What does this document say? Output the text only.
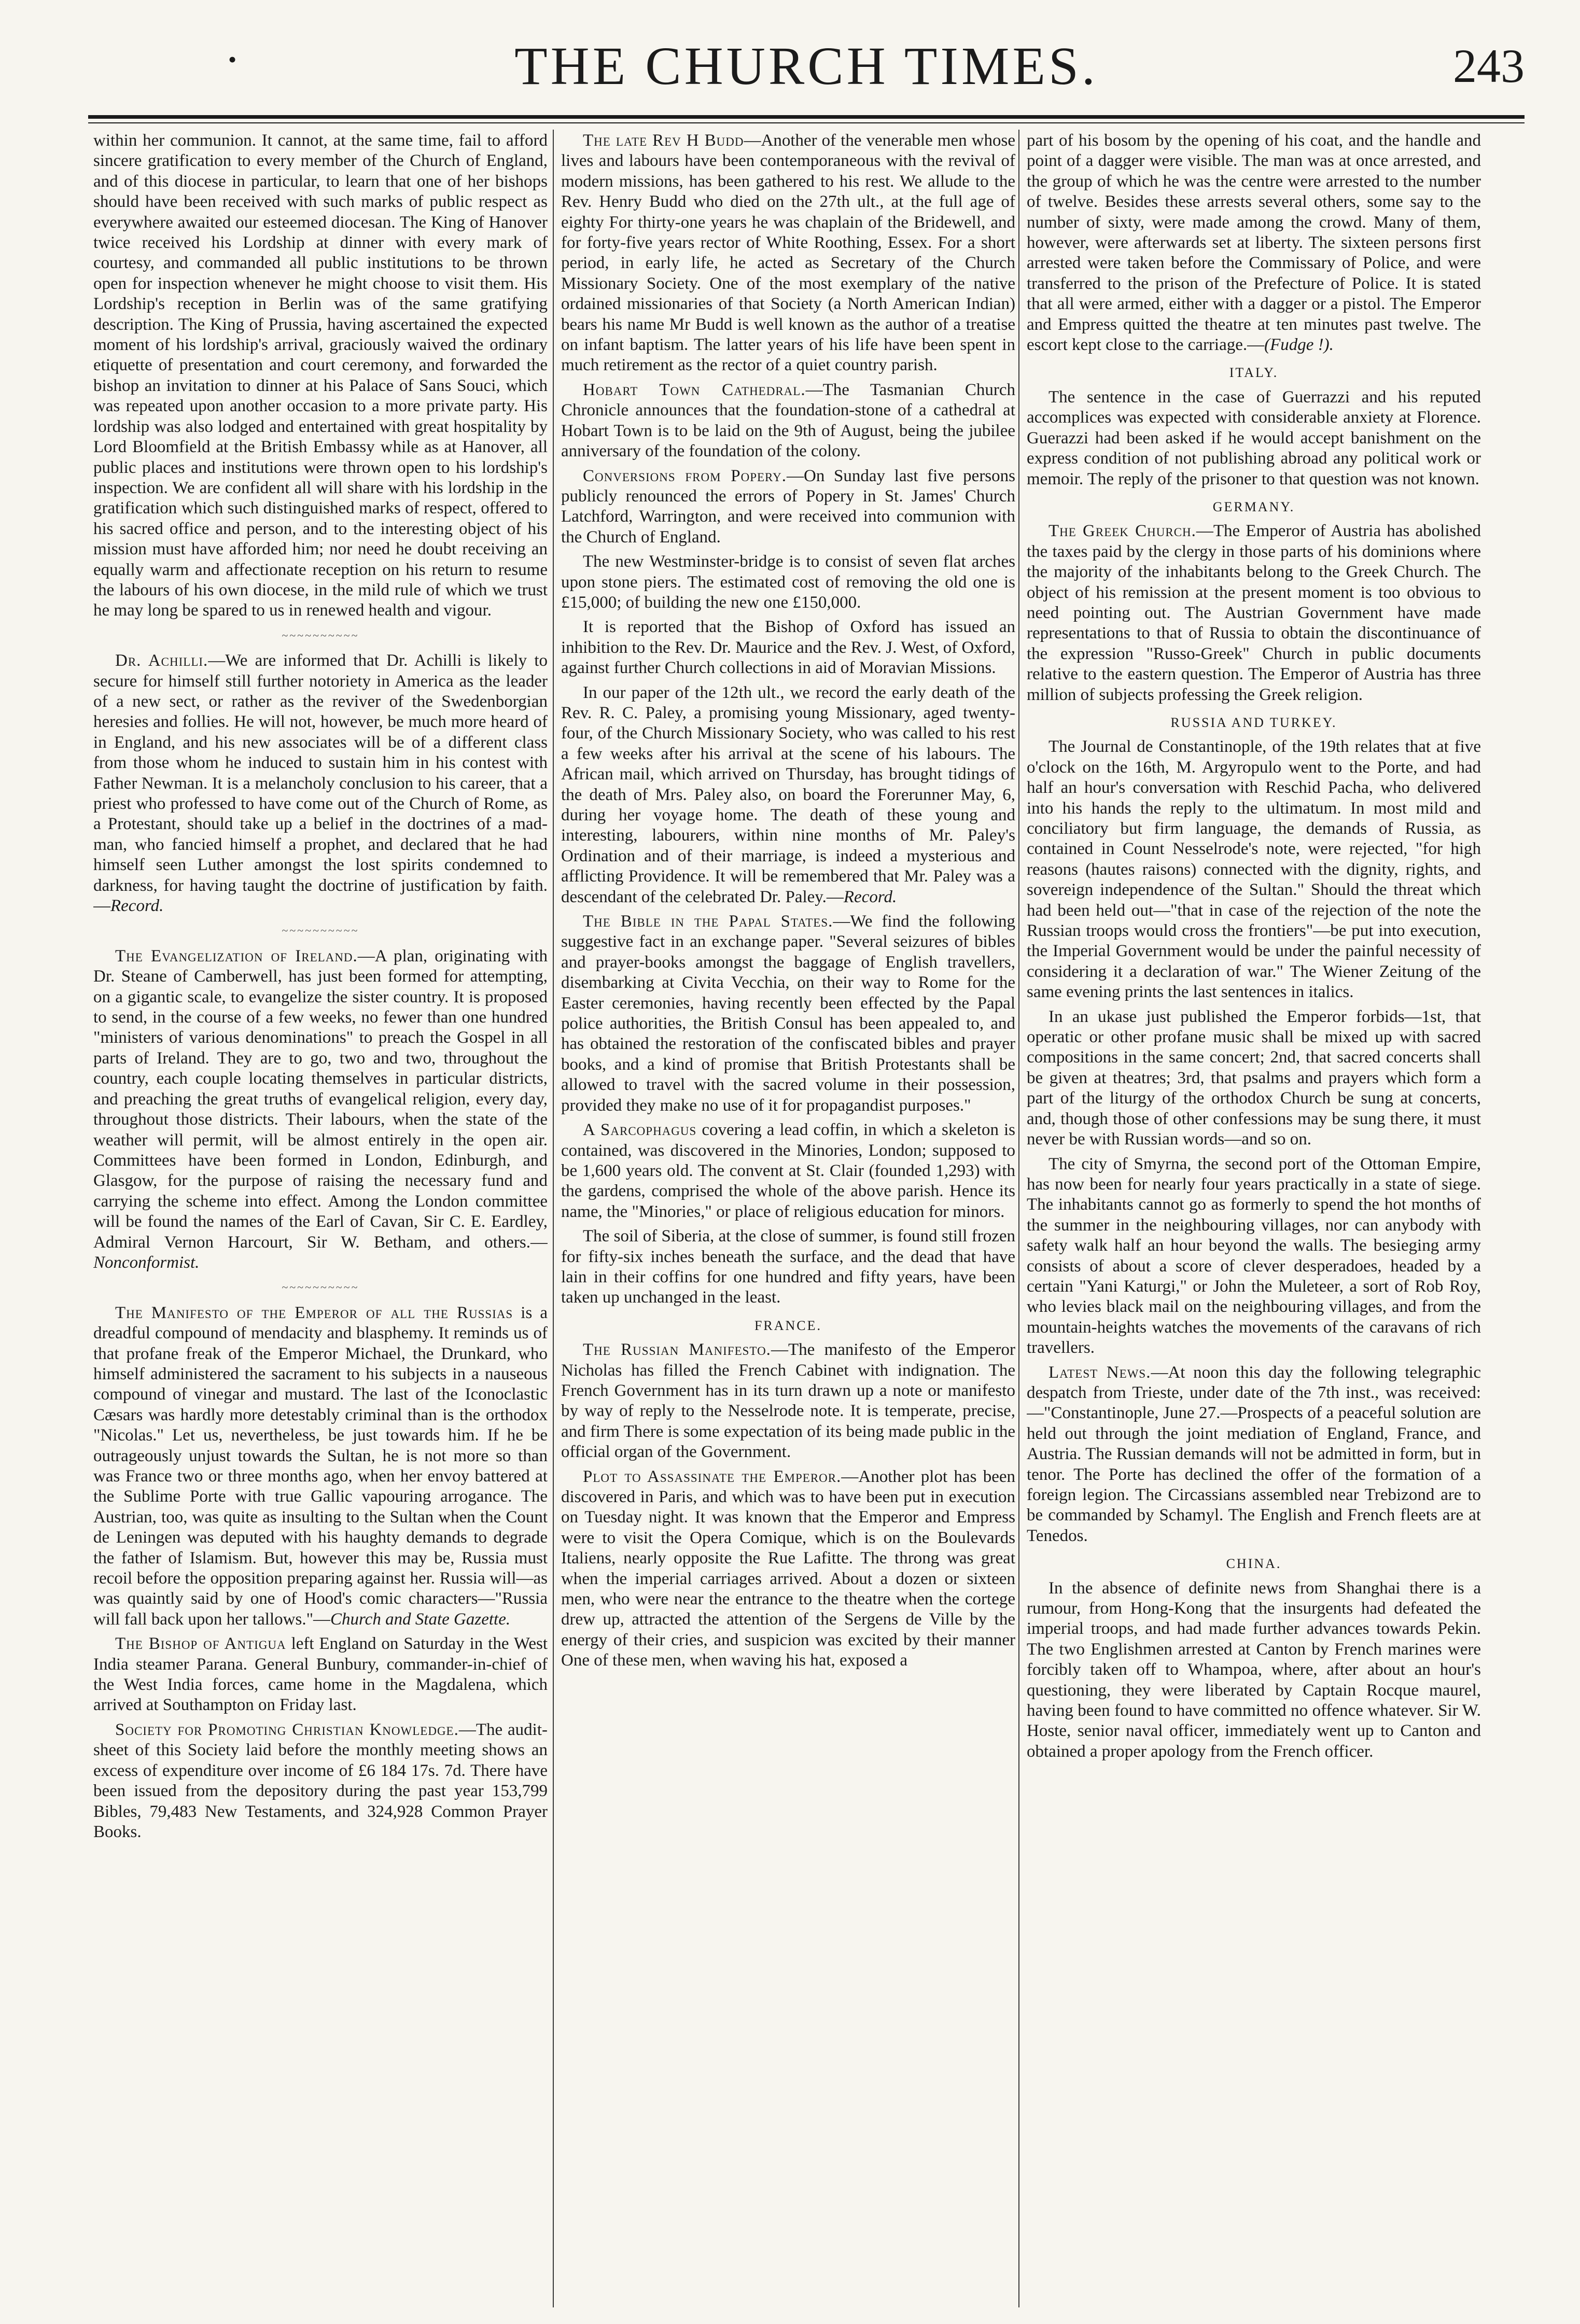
•	THE CHURCH TIMES.	243

within her communion. It cannot, at the same time, fail to afford sincere gratification to every member of the Church of England, and of this diocese in particular, to learn that one of her bishops should have been received with such marks of public respect as everywhere awaited our esteemed diocesan. The King of Hanover twice received his Lordship at dinner with every mark of courtesy, and commanded all public institutions to be thrown open for inspection whenever he might choose to visit them. His Lordship's reception in Berlin was of the same gratifying description. The King of Prussia, having ascertained the expected moment of his lordship's arrival, graciously waived the ordinary etiquette of presentation and court ceremony, and forwarded the bishop an invitation to dinner at his Palace of Sans Souci, which was repeated upon another occasion to a more private party. His lordship was also lodged and entertained with great hospitality by Lord Bloomfield at the British Embassy while as at Hanover, all public places and institutions were thrown open to his lordship's inspection. We are confident all will share with his lordship in the gratification which such distinguished marks of respect, offered to his sacred office and person, and to the interesting object of his mission must have afforded him; nor need he doubt receiving an equally warm and affectionate reception on his return to resume the labours of his own diocese, in the mild rule of which we trust he may long be spared to us in renewed health and vigour.

~~~~~~~~~~

Dr. Achilli.—We are informed that Dr. Achilli is likely to secure for himself still further notoriety in America as the leader of a new sect, or rather as the reviver of the Swedenborgian heresies and follies. He will not, however, be much more heard of in England, and his new associates will be of a different class from those whom he induced to sustain him in his contest with Father Newman. It is a melancholy conclusion to his career, that a priest who professed to have come out of the Church of Rome, as a Protestant, should take up a belief in the doctrines of a mad-man, who fancied himself a prophet, and declared that he had himself seen Luther amongst the lost spirits condemned to darkness, for having taught the doctrine of justification by faith.—Record.

~~~~~~~~~~

The Evangelization of Ireland.—A plan, originating with Dr. Steane of Camberwell, has just been formed for attempting, on a gigantic scale, to evangelize the sister country. It is proposed to send, in the course of a few weeks, no fewer than one hundred "ministers of various denominations" to preach the Gospel in all parts of Ireland. They are to go, two and two, throughout the country, each couple locating themselves in particular districts, and preaching the great truths of evangelical religion, every day, throughout those districts. Their labours, when the state of the weather will permit, will be almost entirely in the open air. Committees have been formed in London, Edinburgh, and Glasgow, for the purpose of raising the necessary fund and carrying the scheme into effect. Among the London committee will be found the names of the Earl of Cavan, Sir C. E. Eardley, Admiral Vernon Harcourt, Sir W. Betham, and others.—Nonconformist.

~~~~~~~~~~

The Manifesto of the Emperor of all the Russias is a dreadful compound of mendacity and blasphemy. It reminds us of that profane freak of the Emperor Michael, the Drunkard, who himself administered the sacrament to his subjects in a nauseous compound of vinegar and mustard. The last of the Iconoclastic Cæsars was hardly more detestably criminal than is the orthodox "Nicolas." Let us, nevertheless, be just towards him. If he be outrageously unjust towards the Sultan, he is not more so than was France two or three months ago, when her envoy battered at the Sublime Porte with true Gallic vapouring arrogance. The Austrian, too, was quite as insulting to the Sultan when the Count de Leningen was deputed with his haughty demands to degrade the father of Islamism. But, however this may be, Russia must recoil before the opposition preparing against her. Russia will—as was quaintly said by one of Hood's comic characters—"Russia will fall back upon her tallows."—Church and State Gazette.

The Bishop of Antigua left England on Saturday in the West India steamer Parana. General Bunbury, commander-in-chief of the West India forces, came home in the Magdalena, which arrived at Southampton on Friday last.

Society for Promoting Christian Knowledge.—The audit-sheet of this Society laid before the monthly meeting shows an excess of expenditure over income of £6 184 17s. 7d. There have been issued from the depository during the past year 153,799 Bibles, 79,483 New Testaments, and 324,928 Common Prayer Books.

The late Rev H Budd—Another of the venerable men whose lives and labours have been contemporaneous with the revival of modern missions, has been gathered to his rest. We allude to the Rev. Henry Budd who died on the 27th ult., at the full age of eighty For thirty-one years he was chaplain of the Bridewell, and for forty-five years rector of White Roothing, Essex. For a short period, in early life, he acted as Secretary of the Church Missionary Society. One of the most exemplary of the native ordained missionaries of that Society (a North American Indian) bears his name Mr Budd is well known as the author of a treatise on infant baptism. The latter years of his life have been spent in much retirement as the rector of a quiet country parish.

Hobart Town Cathedral.—The Tasmanian Church Chronicle announces that the foundation-stone of a cathedral at Hobart Town is to be laid on the 9th of August, being the jubilee anniversary of the foundation of the colony.

Conversions from Popery.—On Sunday last five persons publicly renounced the errors of Popery in St. James' Church Latchford, Warrington, and were received into communion with the Church of England.

The new Westminster-bridge is to consist of seven flat arches upon stone piers. The estimated cost of removing the old one is £15,000; of building the new one £150,000.

It is reported that the Bishop of Oxford has issued an inhibition to the Rev. Dr. Maurice and the Rev. J. West, of Oxford, against further Church collections in aid of Moravian Missions.

In our paper of the 12th ult., we record the early death of the Rev. R. C. Paley, a promising young Missionary, aged twenty-four, of the Church Missionary Society, who was called to his rest a few weeks after his arrival at the scene of his labours. The African mail, which arrived on Thursday, has brought tidings of the death of Mrs. Paley also, on board the Forerunner May, 6, during her voyage home. The death of these young and interesting, labourers, within nine months of Mr. Paley's Ordination and of their marriage, is indeed a mysterious and afflicting Providence. It will be remembered that Mr. Paley was a descendant of the celebrated Dr. Paley.—Record.

The Bible in the Papal States.—We find the following suggestive fact in an exchange paper. "Several seizures of bibles and prayer-books amongst the baggage of English travellers, disembarking at Civita Vecchia, on their way to Rome for the Easter ceremonies, having recently been effected by the Papal police authorities, the British Consul has been appealed to, and has obtained the restoration of the confiscated bibles and prayer books, and a kind of promise that British Protestants shall be allowed to travel with the sacred volume in their possession, provided they make no use of it for propagandist purposes."

A Sarcophagus covering a lead coffin, in which a skeleton is contained, was discovered in the Minories, London; supposed to be 1,600 years old. The convent at St. Clair (founded 1,293) with the gardens, comprised the whole of the above parish. Hence its name, the "Minories," or place of religious education for minors.

The soil of Siberia, at the close of summer, is found still frozen for fifty-six inches beneath the surface, and the dead that have lain in their coffins for one hundred and fifty years, have been taken up unchanged in the least.

FRANCE.

The Russian Manifesto.—The manifesto of the Emperor Nicholas has filled the French Cabinet with indignation. The French Government has in its turn drawn up a note or manifesto by way of reply to the Nesselrode note. It is temperate, precise, and firm There is some expectation of its being made public in the official organ of the Government.

Plot to Assassinate the Emperor.—Another plot has been discovered in Paris, and which was to have been put in execution on Tuesday night. It was known that the Emperor and Empress were to visit the Opera Comique, which is on the Boulevards Italiens, nearly opposite the Rue Lafitte. The throng was great when the imperial carriages arrived. About a dozen or sixteen men, who were near the entrance to the theatre when the cortege drew up, attracted the attention of the Sergens de Ville by the energy of their cries, and suspicion was excited by their manner One of these men, when waving his hat, exposed a

part of his bosom by the opening of his coat, and the handle and point of a dagger were visible. The man was at once arrested, and the group of which he was the centre were arrested to the number of twelve. Besides these arrests several others, some say to the number of sixty, were made among the crowd. Many of them, however, were afterwards set at liberty. The sixteen persons first arrested were taken before the Commissary of Police, and were transferred to the prison of the Prefecture of Police. It is stated that all were armed, either with a dagger or a pistol. The Emperor and Empress quitted the theatre at ten minutes past twelve. The escort kept close to the carriage.—(Fudge !).

ITALY.

The sentence in the case of Guerrazzi and his reputed accomplices was expected with considerable anxiety at Florence. Guerazzi had been asked if he would accept banishment on the express condition of not publishing abroad any political work or memoir. The reply of the prisoner to that question was not known.

GERMANY.

The Greek Church.—The Emperor of Austria has abolished the taxes paid by the clergy in those parts of his dominions where the majority of the inhabitants belong to the Greek Church. The object of his remission at the present moment is too obvious to need pointing out. The Austrian Government have made representations to that of Russia to obtain the discontinuance of the expression "Russo-Greek" Church in public documents relative to the eastern question. The Emperor of Austria has three million of subjects professing the Greek religion.

RUSSIA AND TURKEY.

The Journal de Constantinople, of the 19th relates that at five o'clock on the 16th, M. Argyropulo went to the Porte, and had half an hour's conversation with Reschid Pacha, who delivered into his hands the reply to the ultimatum. In most mild and conciliatory but firm language, the demands of Russia, as contained in Count Nesselrode's note, were rejected, "for high reasons (hautes raisons) connected with the dignity, rights, and sovereign independence of the Sultan." Should the threat which had been held out—"that in case of the rejection of the note the Russian troops would cross the frontiers"—be put into execution, the Imperial Government would be under the painful necessity of considering it a declaration of war." The Wiener Zeitung of the same evening prints the last sentences in italics.

In an ukase just published the Emperor forbids—1st, that operatic or other profane music shall be mixed up with sacred compositions in the same concert; 2nd, that sacred concerts shall be given at theatres; 3rd, that psalms and prayers which form a part of the liturgy of the orthodox Church be sung at concerts, and, though those of other confessions may be sung there, it must never be with Russian words—and so on.

The city of Smyrna, the second port of the Ottoman Empire, has now been for nearly four years practically in a state of siege. The inhabitants cannot go as formerly to spend the hot months of the summer in the neighbouring villages, nor can anybody with safety walk half an hour beyond the walls. The besieging army consists of about a score of clever desperadoes, headed by a certain "Yani Katurgi," or John the Muleteer, a sort of Rob Roy, who levies black mail on the neighbouring villages, and from the mountain-heights watches the movements of the caravans of rich travellers.

Latest News.—At noon this day the following telegraphic despatch from Trieste, under date of the 7th inst., was received:—"Constantinople, June 27.—Prospects of a peaceful solution are held out through the joint mediation of England, France, and Austria. The Russian demands will not be admitted in form, but in tenor. The Porte has declined the offer of the formation of a foreign legion. The Circassians assembled near Trebizond are to be commanded by Schamyl. The English and French fleets are at Tenedos.

CHINA.

In the absence of definite news from Shanghai there is a rumour, from Hong-Kong that the insurgents had defeated the imperial troops, and had made further advances towards Pekin. The two Englishmen arrested at Canton by French marines were forcibly taken off to Whampoa, where, after about an hour's questioning, they were liberated by Captain Rocque maurel, having been found to have committed no offence whatever. Sir W. Hoste, senior naval officer, immediately went up to Canton and obtained a proper apology from the French officer.
